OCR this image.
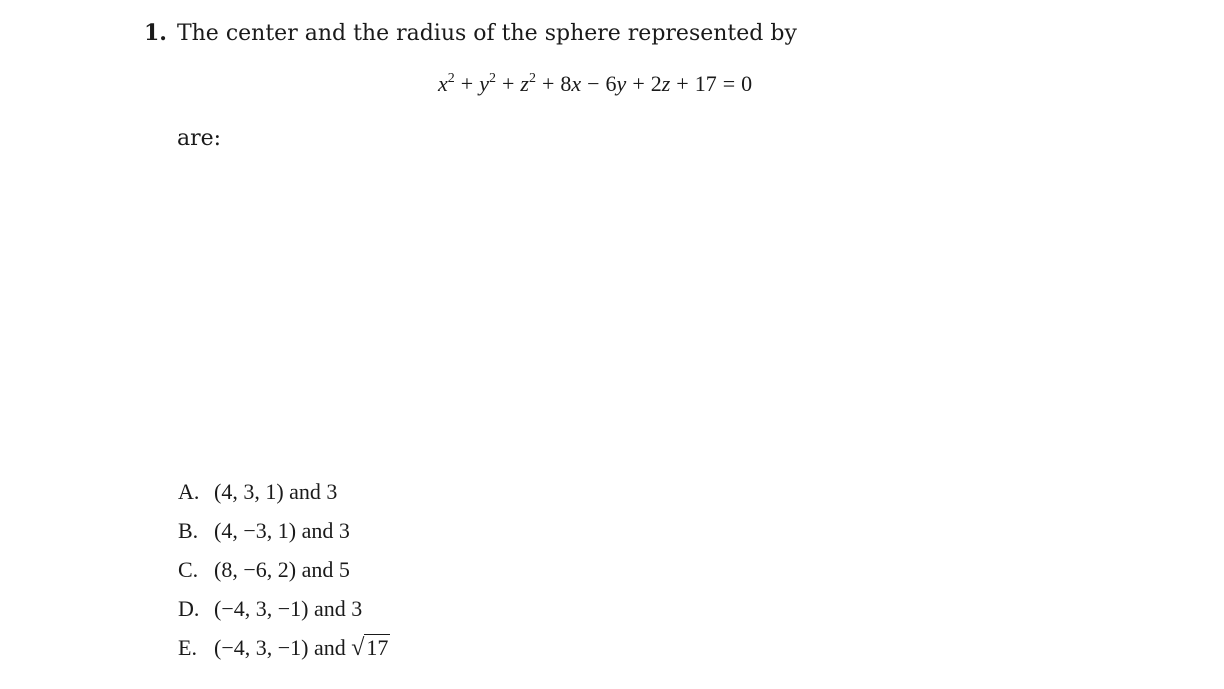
1. The center and the radius of the sphere represented by
$x^2 + y^2 + z^2 + 8x - 6y + 2z + 17 = 0$
are:
A. (4, 3, 1) and 3
B. (4, −3, 1) and 3
C. (8, −6, 2) and 5
D. (−4, 3, −1) and 3
E. (−4, 3, −1) and √17
